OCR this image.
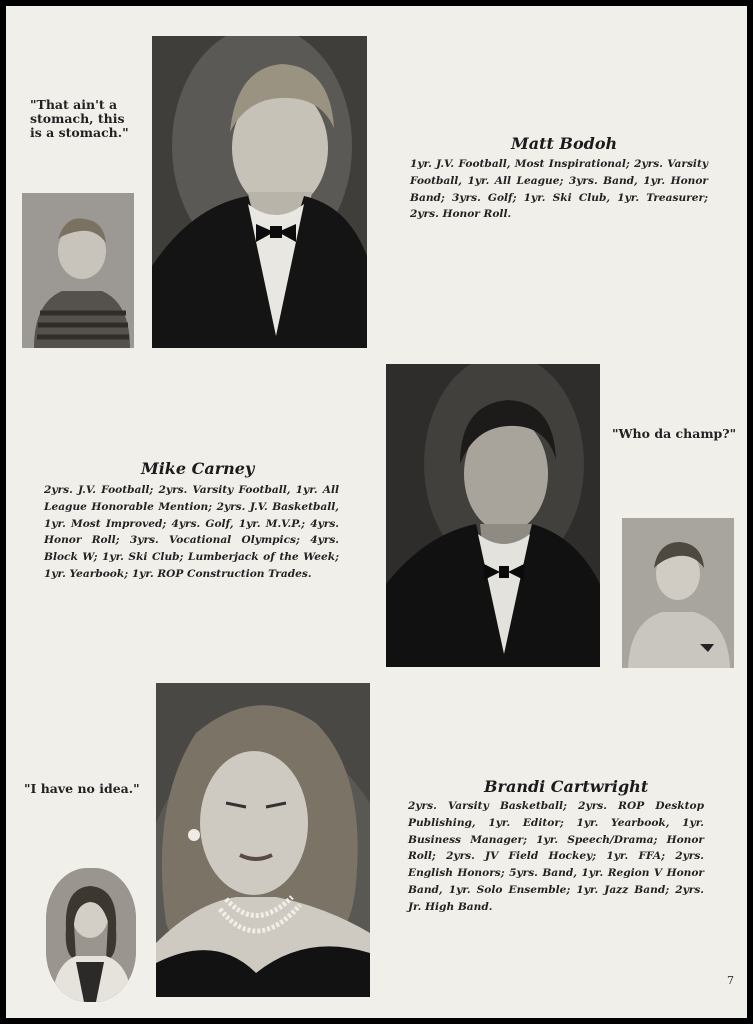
"That ain't a
stomach, this
is a stomach."

Matt Bodoh

1yr. J.V. Football, Most Inspirational; 2yrs. Varsity Football, 1yr. All League; 3yrs. Band, 1yr. Honor Band; 3yrs. Golf; 1yr. Ski Club, 1yr. Treasurer; 2yrs. Honor Roll.

Mike Carney

2yrs. J.V. Football; 2yrs. Varsity Football, 1yr. All League Honorable Mention; 2yrs. J.V. Basketball, 1yr. Most Improved; 4yrs. Golf, 1yr. M.V.P.; 4yrs. Honor Roll; 3yrs. Vocational Olympics; 4yrs. Block W; 1yr. Ski Club; Lumberjack of the Week; 1yr. Yearbook; 1yr. ROP Construction Trades.

"Who da champ?"

"I have no idea."	Brandi Cartwright

2yrs. Varsity Basketball; 2yrs. ROP Desktop Publishing, 1yr. Editor; 1yr. Yearbook, 1yr. Business Manager; 1yr. Speech/Drama; Honor Roll; 2yrs. JV Field Hockey; 1yr. FFA; 2yrs. English Honors; 5yrs. Band, 1yr. Region V Honor Band, 1yr. Solo Ensemble; 1yr. Jazz Band; 2yrs. Jr. High Band.

7
